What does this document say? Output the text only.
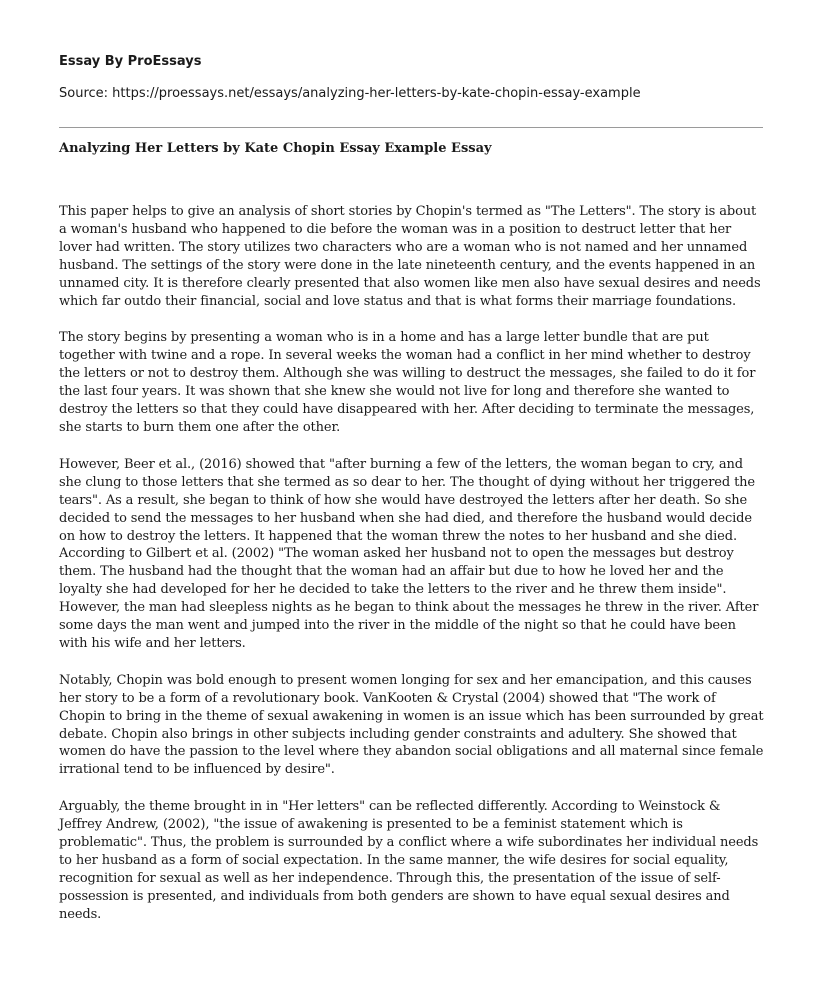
Essay By ProEssays
Source: https://proessays.net/essays/analyzing-her-letters-by-kate-chopin-essay-example
Analyzing Her Letters by Kate Chopin Essay Example Essay

This paper helps to give an analysis of short stories by Chopin's termed as "The Letters". The story is about a woman's husband who happened to die before the woman was in a position to destruct letter that her lover had written. The story utilizes two characters who are a woman who is not named and her unnamed husband. The settings of the story were done in the late nineteenth century, and the events happened in an unnamed city. It is therefore clearly presented that also women like men also have sexual desires and needs which far outdo their financial, social and love status and that is what forms their marriage foundations.

The story begins by presenting a woman who is in a home and has a large letter bundle that are put together with twine and a rope. In several weeks the woman had a conflict in her mind whether to destroy the letters or not to destroy them. Although she was willing to destruct the messages, she failed to do it for the last four years. It was shown that she knew she would not live for long and therefore she wanted to destroy the letters so that they could have disappeared with her. After deciding to terminate the messages, she starts to burn them one after the other.

However, Beer et al., (2016) showed that "after burning a few of the letters, the woman began to cry, and she clung to those letters that she termed as so dear to her. The thought of dying without her triggered the tears". As a result, she began to think of how she would have destroyed the letters after her death. So she decided to send the messages to her husband when she had died, and therefore the husband would decide on how to destroy the letters. It happened that the woman threw the notes to her husband and she died. According to Gilbert et al. (2002) "The woman asked her husband not to open the messages but destroy them. The husband had the thought that the woman had an affair but due to how he loved her and the loyalty she had developed for her he decided to take the letters to the river and he threw them inside". However, the man had sleepless nights as he began to think about the messages he threw in the river. After some days the man went and jumped into the river in the middle of the night so that he could have been with his wife and her letters.

Notably, Chopin was bold enough to present women longing for sex and her emancipation, and this causes her story to be a form of a revolutionary book. VanKooten & Crystal (2004) showed that "The work of Chopin to bring in the theme of sexual awakening in women is an issue which has been surrounded by great debate. Chopin also brings in other subjects including gender constraints and adultery. She showed that women do have the passion to the level where they abandon social obligations and all maternal since female irrational tend to be influenced by desire".

Arguably, the theme brought in in "Her letters" can be reflected differently. According to Weinstock & Jeffrey Andrew, (2002), "the issue of awakening is presented to be a feminist statement which is problematic". Thus, the problem is surrounded by a conflict where a wife subordinates her individual needs to her husband as a form of social expectation. In the same manner, the wife desires for social equality, recognition for sexual as well as her independence. Through this, the presentation of the issue of self-possession is presented, and individuals from both genders are shown to have equal sexual desires and needs.
